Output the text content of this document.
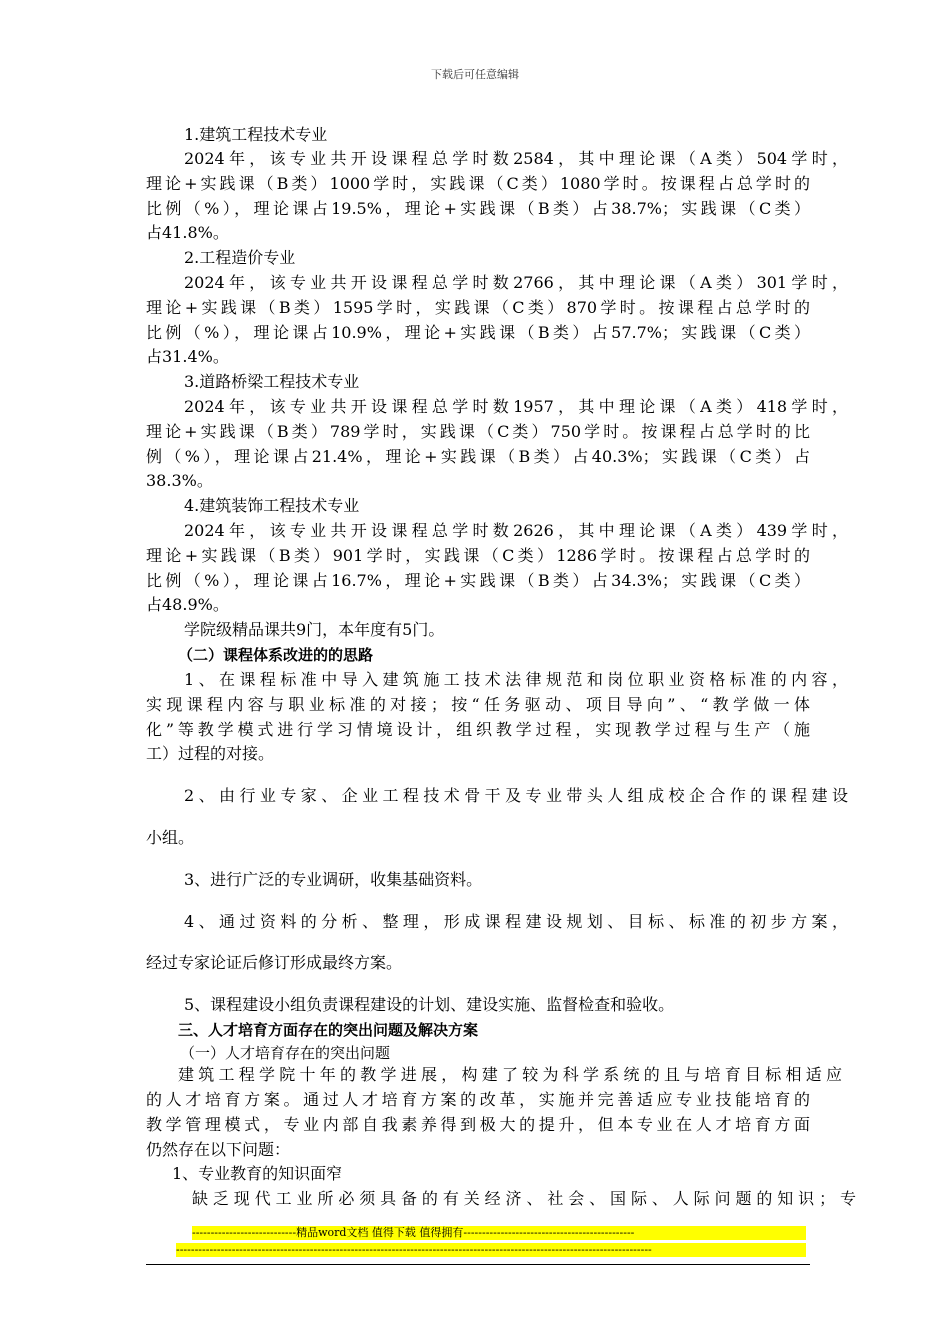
下载后可任意编辑
1.建筑工程技术专业
2024年，该专业共开设课程总学时数2584，其中理论课（A类）504学时，
理论+实践课（B类）1000学时，实践课（C类）1080学时。按课程占总学时的
比例（%），理论课占19.5%，理论+实践课（B类）占38.7%；实践课（C类）
占41.8%。
2.工程造价专业
2024年，该专业共开设课程总学时数2766，其中理论课（A类）301学时，
理论+实践课（B类）1595学时，实践课（C类）870学时。按课程占总学时的
比例（%），理论课占10.9%，理论+实践课（B类）占57.7%；实践课（C类）
占31.4%。
3.道路桥梁工程技术专业
2024年，该专业共开设课程总学时数1957，其中理论课（A类）418学时，
理论+实践课（B类）789学时，实践课（C类）750学时。按课程占总学时的比
例（%），理论课占21.4%，理论+实践课（B类）占40.3%；实践课（C类）占
38.3%。
4.建筑装饰工程技术专业
2024年，该专业共开设课程总学时数2626，其中理论课（A类）439学时，
理论+实践课（B类）901学时，实践课（C类）1286学时。按课程占总学时的
比例（%），理论课占16.7%，理论+实践课（B类）占34.3%；实践课（C类）
占48.9%。
学院级精品课共9门，本年度有5门。
（二）课程体系改进的的思路
1、在课程标准中导入建筑施工技术法律规范和岗位职业资格标准的内容，
实现课程内容与职业标准的对接；按“任务驱动、项目导向”、“教学做一体
化”等教学模式进行学习情境设计，组织教学过程，实现教学过程与生产（施
工）过程的对接。
2、由行业专家、企业工程技术骨干及专业带头人组成校企合作的课程建设
小组。
3、进行广泛的专业调研，收集基础资料。
4、通过资料的分析、整理，形成课程建设规划、目标、标准的初步方案，
经过专家论证后修订形成最终方案。
5、课程建设小组负责课程建设的计划、建设实施、监督检查和验收。
三、人才培育方面存在的突出问题及解决方案
（一）人才培育存在的突出问题
建筑工程学院十年的教学进展，构建了较为科学系统的且与培育目标相适应
的人才培育方案。通过人才培育方案的改革，实施并完善适应专业技能培育的
教学管理模式，专业内部自我素养得到极大的提升，但本专业在人才培育方面
仍然存在以下问题：
1、专业教育的知识面窄
缺乏现代工业所必须具备的有关经济、社会、国际、人际问题的知识；专
----------------------------精品word文档 值得下载 值得拥有----------------------------------------------
--------------------------------------------------------------------------------------------------------------------------------
